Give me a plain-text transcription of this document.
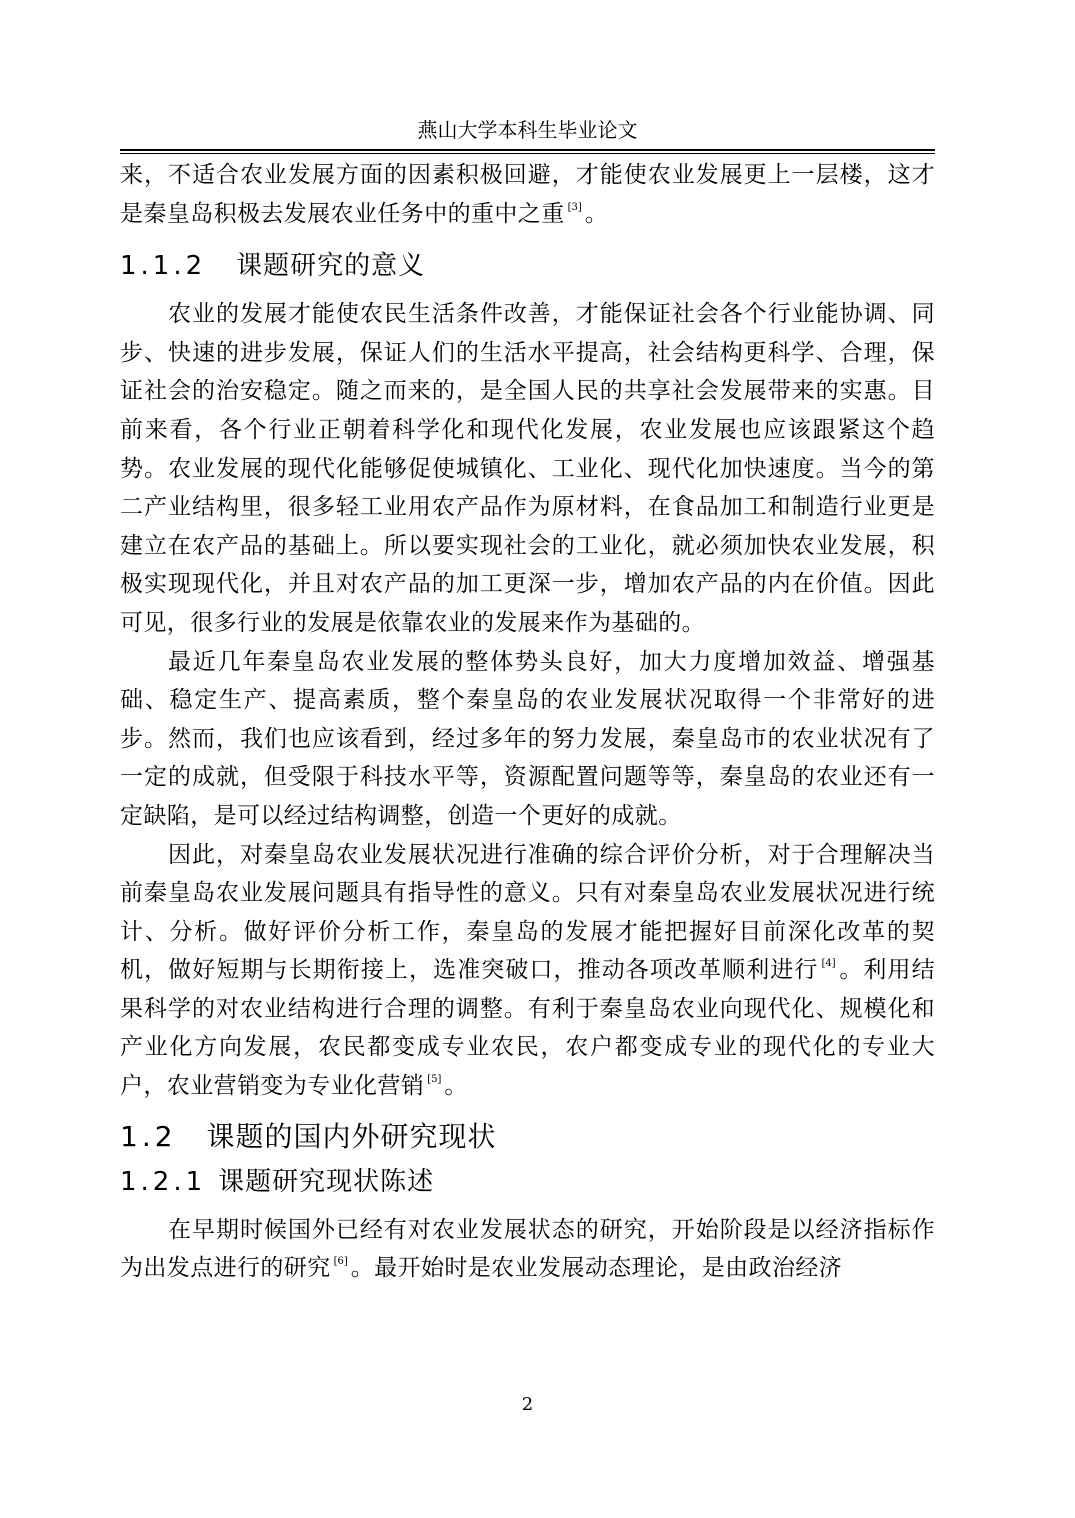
燕山大学本科生毕业论文

来，不适合农业发展方面的因素积极回避，才能使农业发展更上一层楼，这才是秦皇岛积极去发展农业任务中的重中之重 [3] 。

1.1.2 课题研究的意义

农业的发展才能使农民生活条件改善，才能保证社会各个行业能协调、同步、快速的进步发展，保证人们的生活水平提高，社会结构更科学、合理，保证社会的治安稳定。随之而来的，是全国人民的共享社会发展带来的实惠。目前来看，各个行业正朝着科学化和现代化发展，农业发展也应该跟紧这个趋势。农业发展的现代化能够促使城镇化、工业化、现代化加快速度。当今的第二产业结构里，很多轻工业用农产品作为原材料，在食品加工和制造行业更是建立在农产品的基础上。所以要实现社会的工业化，就必须加快农业发展，积极实现现代化，并且对农产品的加工更深一步，增加农产品的内在价值。因此可见，很多行业的发展是依靠农业的发展来作为基础的。

最近几年秦皇岛农业发展的整体势头良好，加大力度增加效益、增强基础、稳定生产、提高素质，整个秦皇岛的农业发展状况取得一个非常好的进步。然而，我们也应该看到，经过多年的努力发展，秦皇岛市的农业状况有了一定的成就，但受限于科技水平等，资源配置问题等等，秦皇岛的农业还有一定缺陷，是可以经过结构调整，创造一个更好的成就。

因此，对秦皇岛农业发展状况进行准确的综合评价分析，对于合理解决当前秦皇岛农业发展问题具有指导性的意义。只有对秦皇岛农业发展状况进行统计、分析。做好评价分析工作，秦皇岛的发展才能把握好目前深化改革的契机，做好短期与长期衔接上，选准突破口，推动各项改革顺利进行 [4] 。利用结果科学的对农业结构进行合理的调整。有利于秦皇岛农业向现代化、规模化和产业化方向发展，农民都变成专业农民，农户都变成专业的现代化的专业大户，农业营销变为专业化营销 [5] 。

1.2 课题的国内外研究现状
1.2.1 课题研究现状陈述

在早期时候国外已经有对农业发展状态的研究，开始阶段是以经济指标作为出发点进行的研究 [6] 。最开始时是农业发展动态理论，是由政治经济

2
